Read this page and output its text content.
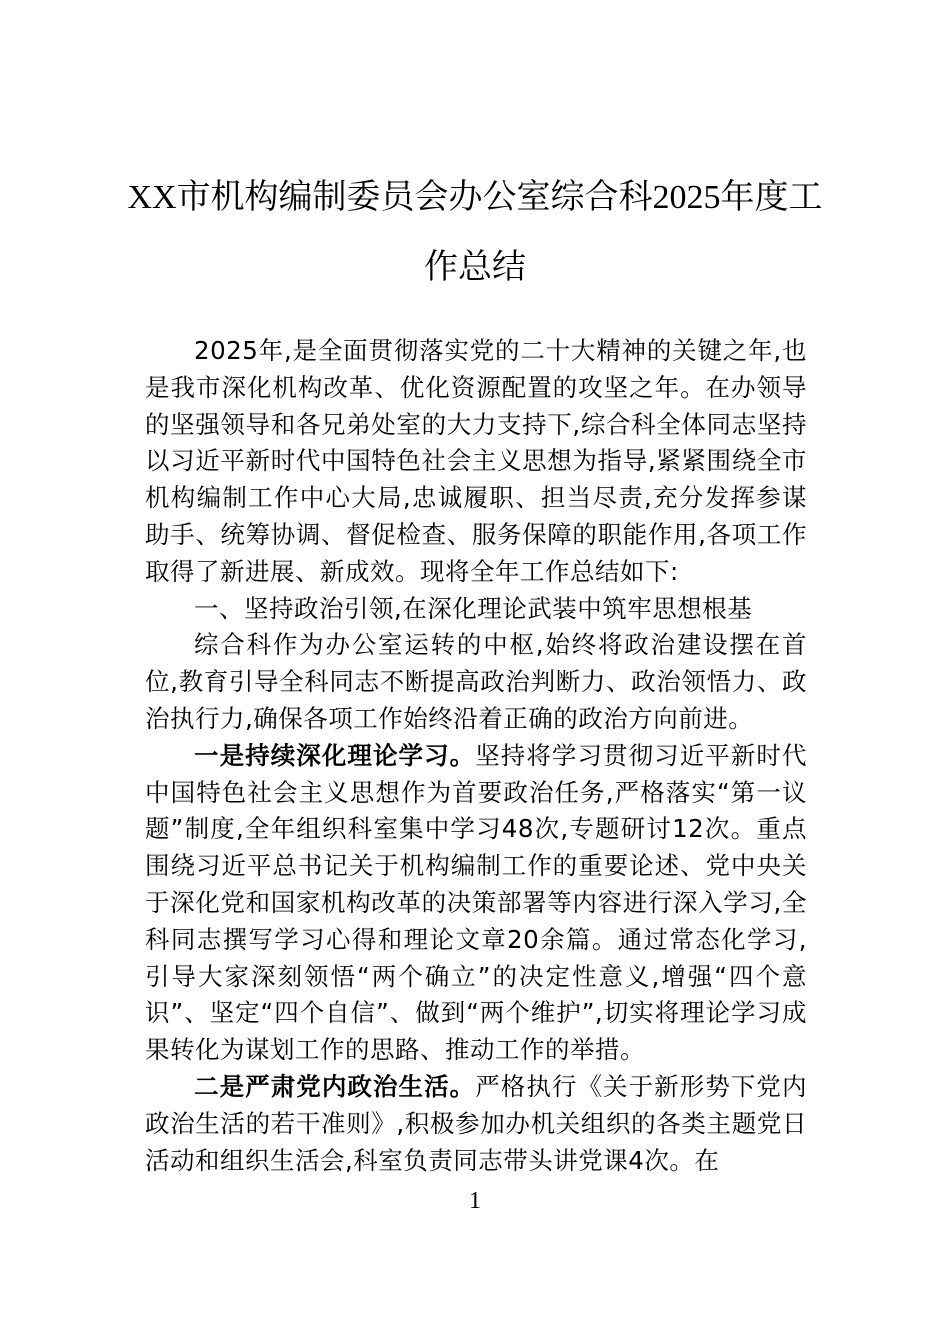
XX市机构编制委员会办公室综合科2025年度工作总结

2025年,是全面贯彻落实党的二十大精神的关键之年,也是我市深化机构改革、优化资源配置的攻坚之年。在办领导的坚强领导和各兄弟处室的大力支持下,综合科全体同志坚持以习近平新时代中国特色社会主义思想为指导,紧紧围绕全市机构编制工作中心大局,忠诚履职、担当尽责,充分发挥参谋助手、统筹协调、督促检查、服务保障的职能作用,各项工作取得了新进展、新成效。现将全年工作总结如下:

一、坚持政治引领,在深化理论武装中筑牢思想根基

综合科作为办公室运转的中枢,始终将政治建设摆在首位,教育引导全科同志不断提高政治判断力、政治领悟力、政治执行力,确保各项工作始终沿着正确的政治方向前进。

一是持续深化理论学习。坚持将学习贯彻习近平新时代中国特色社会主义思想作为首要政治任务,严格落实“第一议题”制度,全年组织科室集中学习48次,专题研讨12次。重点围绕习近平总书记关于机构编制工作的重要论述、党中央关于深化党和国家机构改革的决策部署等内容进行深入学习,全科同志撰写学习心得和理论文章20余篇。通过常态化学习,引导大家深刻领悟“两个确立”的决定性意义,增强“四个意识”、坚定“四个自信”、做到“两个维护”,切实将理论学习成果转化为谋划工作的思路、推动工作的举措。

二是严肃党内政治生活。严格执行《关于新形势下党内政治生活的若干准则》,积极参加办机关组织的各类主题党日活动和组织生活会,科室负责同志带头讲党课4次。在

1
